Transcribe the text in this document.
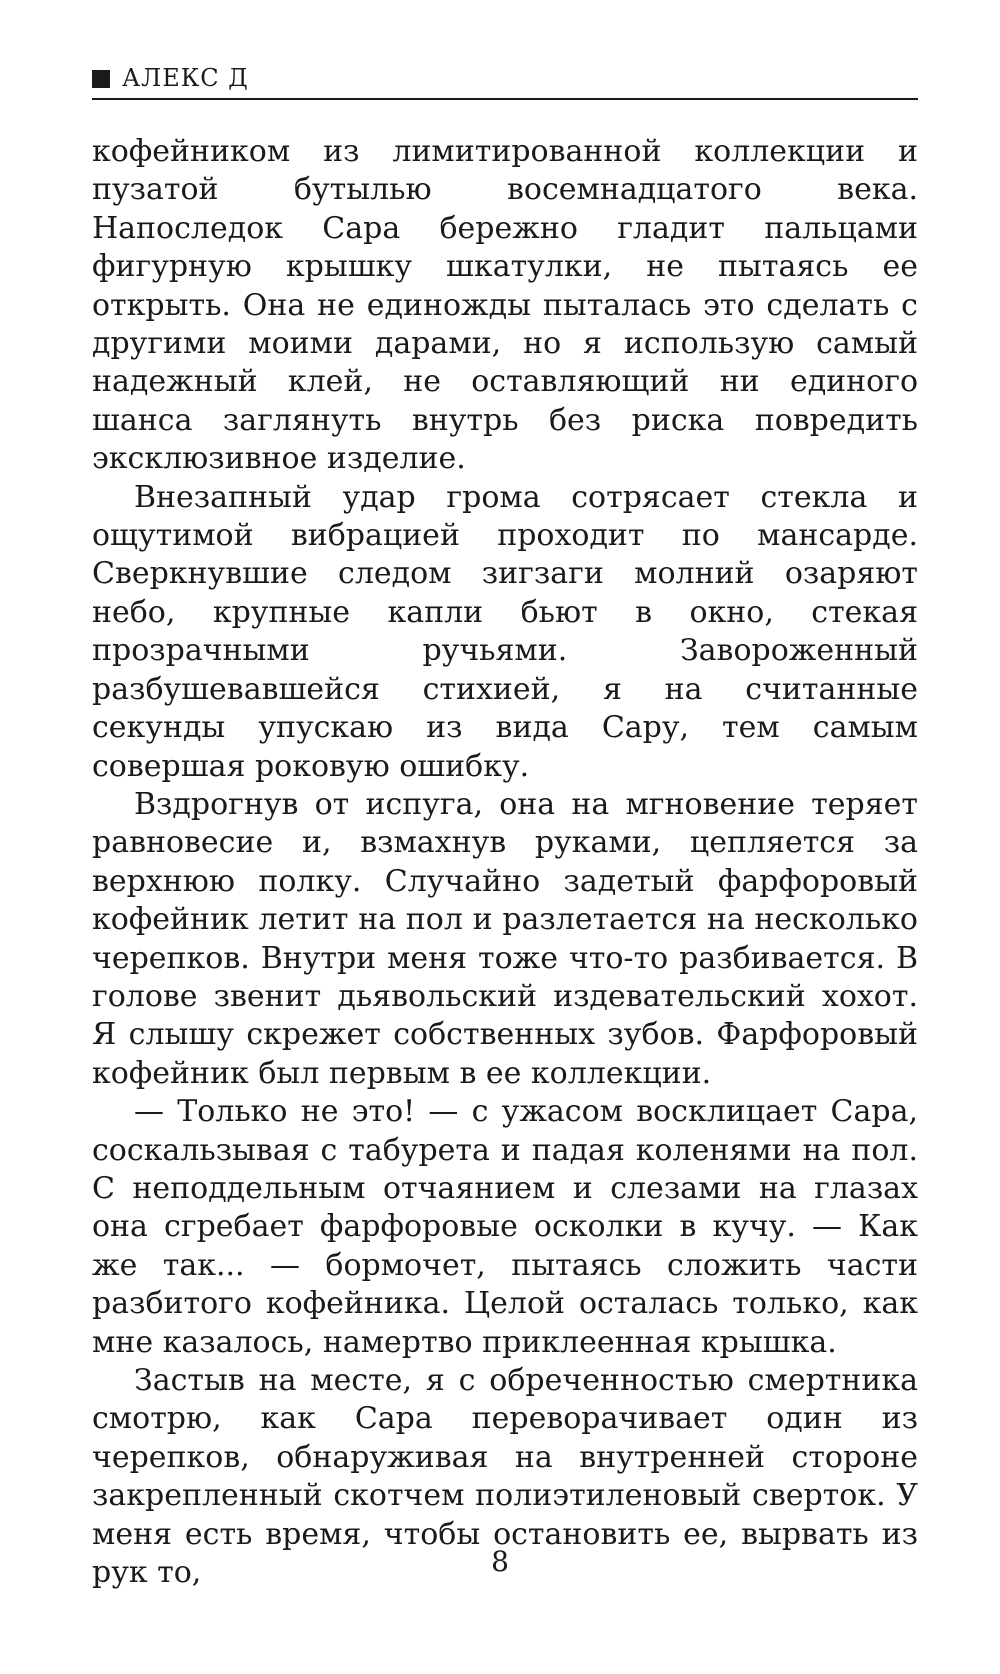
АЛЕКС Д

кофейником из лимитированной коллекции и пузатой бутылью восемнадцатого века. Напоследок Сара бережно гладит пальцами фигурную крышку шкатулки, не пытаясь ее открыть. Она не единожды пыталась это сделать с другими моими дарами, но я использую самый надежный клей, не оставляющий ни единого шанса заглянуть внутрь без риска повредить эксклюзивное изделие.

Внезапный удар грома сотрясает стекла и ощутимой вибрацией проходит по мансарде. Сверкнувшие следом зигзаги молний озаряют небо, крупные капли бьют в окно, стекая прозрачными ручьями. Завороженный разбушевавшейся стихией, я на считанные секунды упускаю из вида Сару, тем самым совершая роковую ошибку.

Вздрогнув от испуга, она на мгновение теряет равновесие и, взмахнув руками, цепляется за верхнюю полку. Случайно задетый фарфоровый кофейник летит на пол и разлетается на несколько черепков. Внутри меня тоже что-то разбивается. В голове звенит дьявольский издевательский хохот. Я слышу скрежет собственных зубов. Фарфоровый кофейник был первым в ее коллекции.

— Только не это! — с ужасом восклицает Сара, соскальзывая с табурета и падая коленями на пол. С неподдельным отчаянием и слезами на глазах она сгребает фарфоровые осколки в кучу. — Как же так... — бормочет, пытаясь сложить части разбитого кофейника. Целой осталась только, как мне казалось, намертво приклеенная крышка.

Застыв на месте, я с обреченностью смертника смотрю, как Сара переворачивает один из черепков, обнаруживая на внутренней стороне закрепленный скотчем полиэтиленовый сверток. У меня есть время, чтобы остановить ее, вырвать из рук то,	8
